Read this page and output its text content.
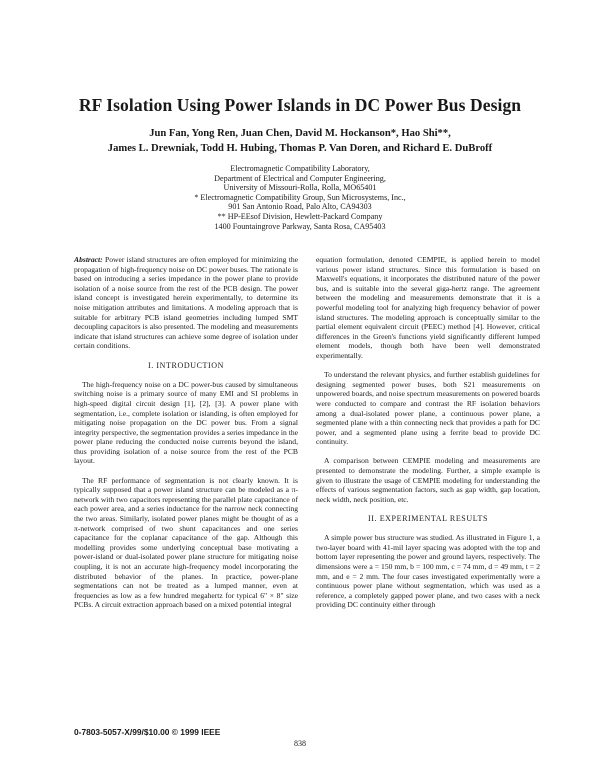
RF Isolation Using Power Islands in DC Power Bus Design
Jun Fan, Yong Ren, Juan Chen, David M. Hockanson*, Hao Shi**,
James L. Drewniak, Todd H. Hubing, Thomas P. Van Doren, and Richard E. DuBroff
Electromagnetic Compatibility Laboratory,
Department of Electrical and Computer Engineering,
University of Missouri-Rolla, Rolla, MO65401
* Electromagnetic Compatibility Group, Sun Microsystems, Inc.,
901 San Antonio Road, Palo Alto, CA94303
** HP-EEsof Division, Hewlett-Packard Company
1400 Fountaingrove Parkway, Santa Rosa, CA95403

Abstract: Power island structures are often employed for minimizing the propagation of high-frequency noise on DC power buses. The rationale is based on introducing a series impedance in the power plane to provide isolation of a noise source from the rest of the PCB design. The power island concept is investigated herein experimentally, to determine its noise mitigation attributes and limitations. A modeling approach that is suitable for arbitrary PCB island geometries including lumped SMT decoupling capacitors is also presented. The modeling and measurements indicate that island structures can achieve some degree of isolation under certain conditions.

I. INTRODUCTION

The high-frequency noise on a DC power-bus caused by simultaneous switching noise is a primary source of many EMI and SI problems in high-speed digital circuit design [1], [2], [3]. A power plane with segmentation, i.e., complete isolation or islanding, is often employed for mitigating noise propagation on the DC power bus. From a signal integrity perspective, the segmentation provides a series impedance in the power plane reducing the conducted noise currents beyond the island, thus providing isolation of a noise source from the rest of the PCB layout.

The RF performance of segmentation is not clearly known. It is typically supposed that a power island structure can be modeled as a π-network with two capacitors representing the parallel plate capacitance of each power area, and a series inductance for the narrow neck connecting the two areas. Similarly, isolated power planes might be thought of as a π-network comprised of two shunt capacitances and one series capacitance for the coplanar capacitance of the gap. Although this modelling provides some underlying conceptual base motivating a power-island or dual-isolated power plane structure for mitigating noise coupling, it is not an accurate high-frequency model incorporating the distributed behavior of the planes. In practice, power-plane segmentations can not be treated as a lumped manner, even at frequencies as low as a few hundred megahertz for typical 6" × 8" size PCBs. A circuit extraction approach based on a mixed potential integral

equation formulation, denoted CEMPIE, is applied herein to model various power island structures. Since this formulation is based on Maxwell's equations, it incorporates the distributed nature of the power bus, and is suitable into the several giga-hertz range. The agreement between the modeling and measurements demonstrate that it is a powerful modeling tool for analyzing high frequency behavior of power island structures. The modeling approach is conceptually similar to the partial element equivalent circuit (PEEC) method [4]. However, critical differences in the Green's functions yield significantly different lumped element models, though both have been well demonstrated experimentally.

To understand the relevant physics, and further establish guidelines for designing segmented power buses, both S21 measurements on unpowered boards, and noise spectrum measurements on powered boards were conducted to compare and contrast the RF isolation behaviors among a dual-isolated power plane, a continuous power plane, a segmented plane with a thin connecting neck that provides a path for DC power, and a segmented plane using a ferrite bead to provide DC continuity.

A comparison between CEMPIE modeling and measurements are presented to demonstrate the modeling. Further, a simple example is given to illustrate the usage of CEMPIE modeling for understanding the effects of various segmentation factors, such as gap width, gap location, neck width, neck position, etc.

II. EXPERIMENTAL RESULTS

A simple power bus structure was studied. As illustrated in Figure 1, a two-layer board with 41-mil layer spacing was adopted with the top and bottom layer representing the power and ground layers, respectively. The dimensions were a = 150 mm, b = 100 mm, c = 74 mm, d = 49 mm, t = 2 mm, and e = 2 mm. The four cases investigated experimentally were a continuous power plane without segmentation, which was used as a reference, a completely gapped power plane, and two cases with a neck providing DC continuity either through

0-7803-5057-X/99/$10.00 © 1999 IEEE
838
